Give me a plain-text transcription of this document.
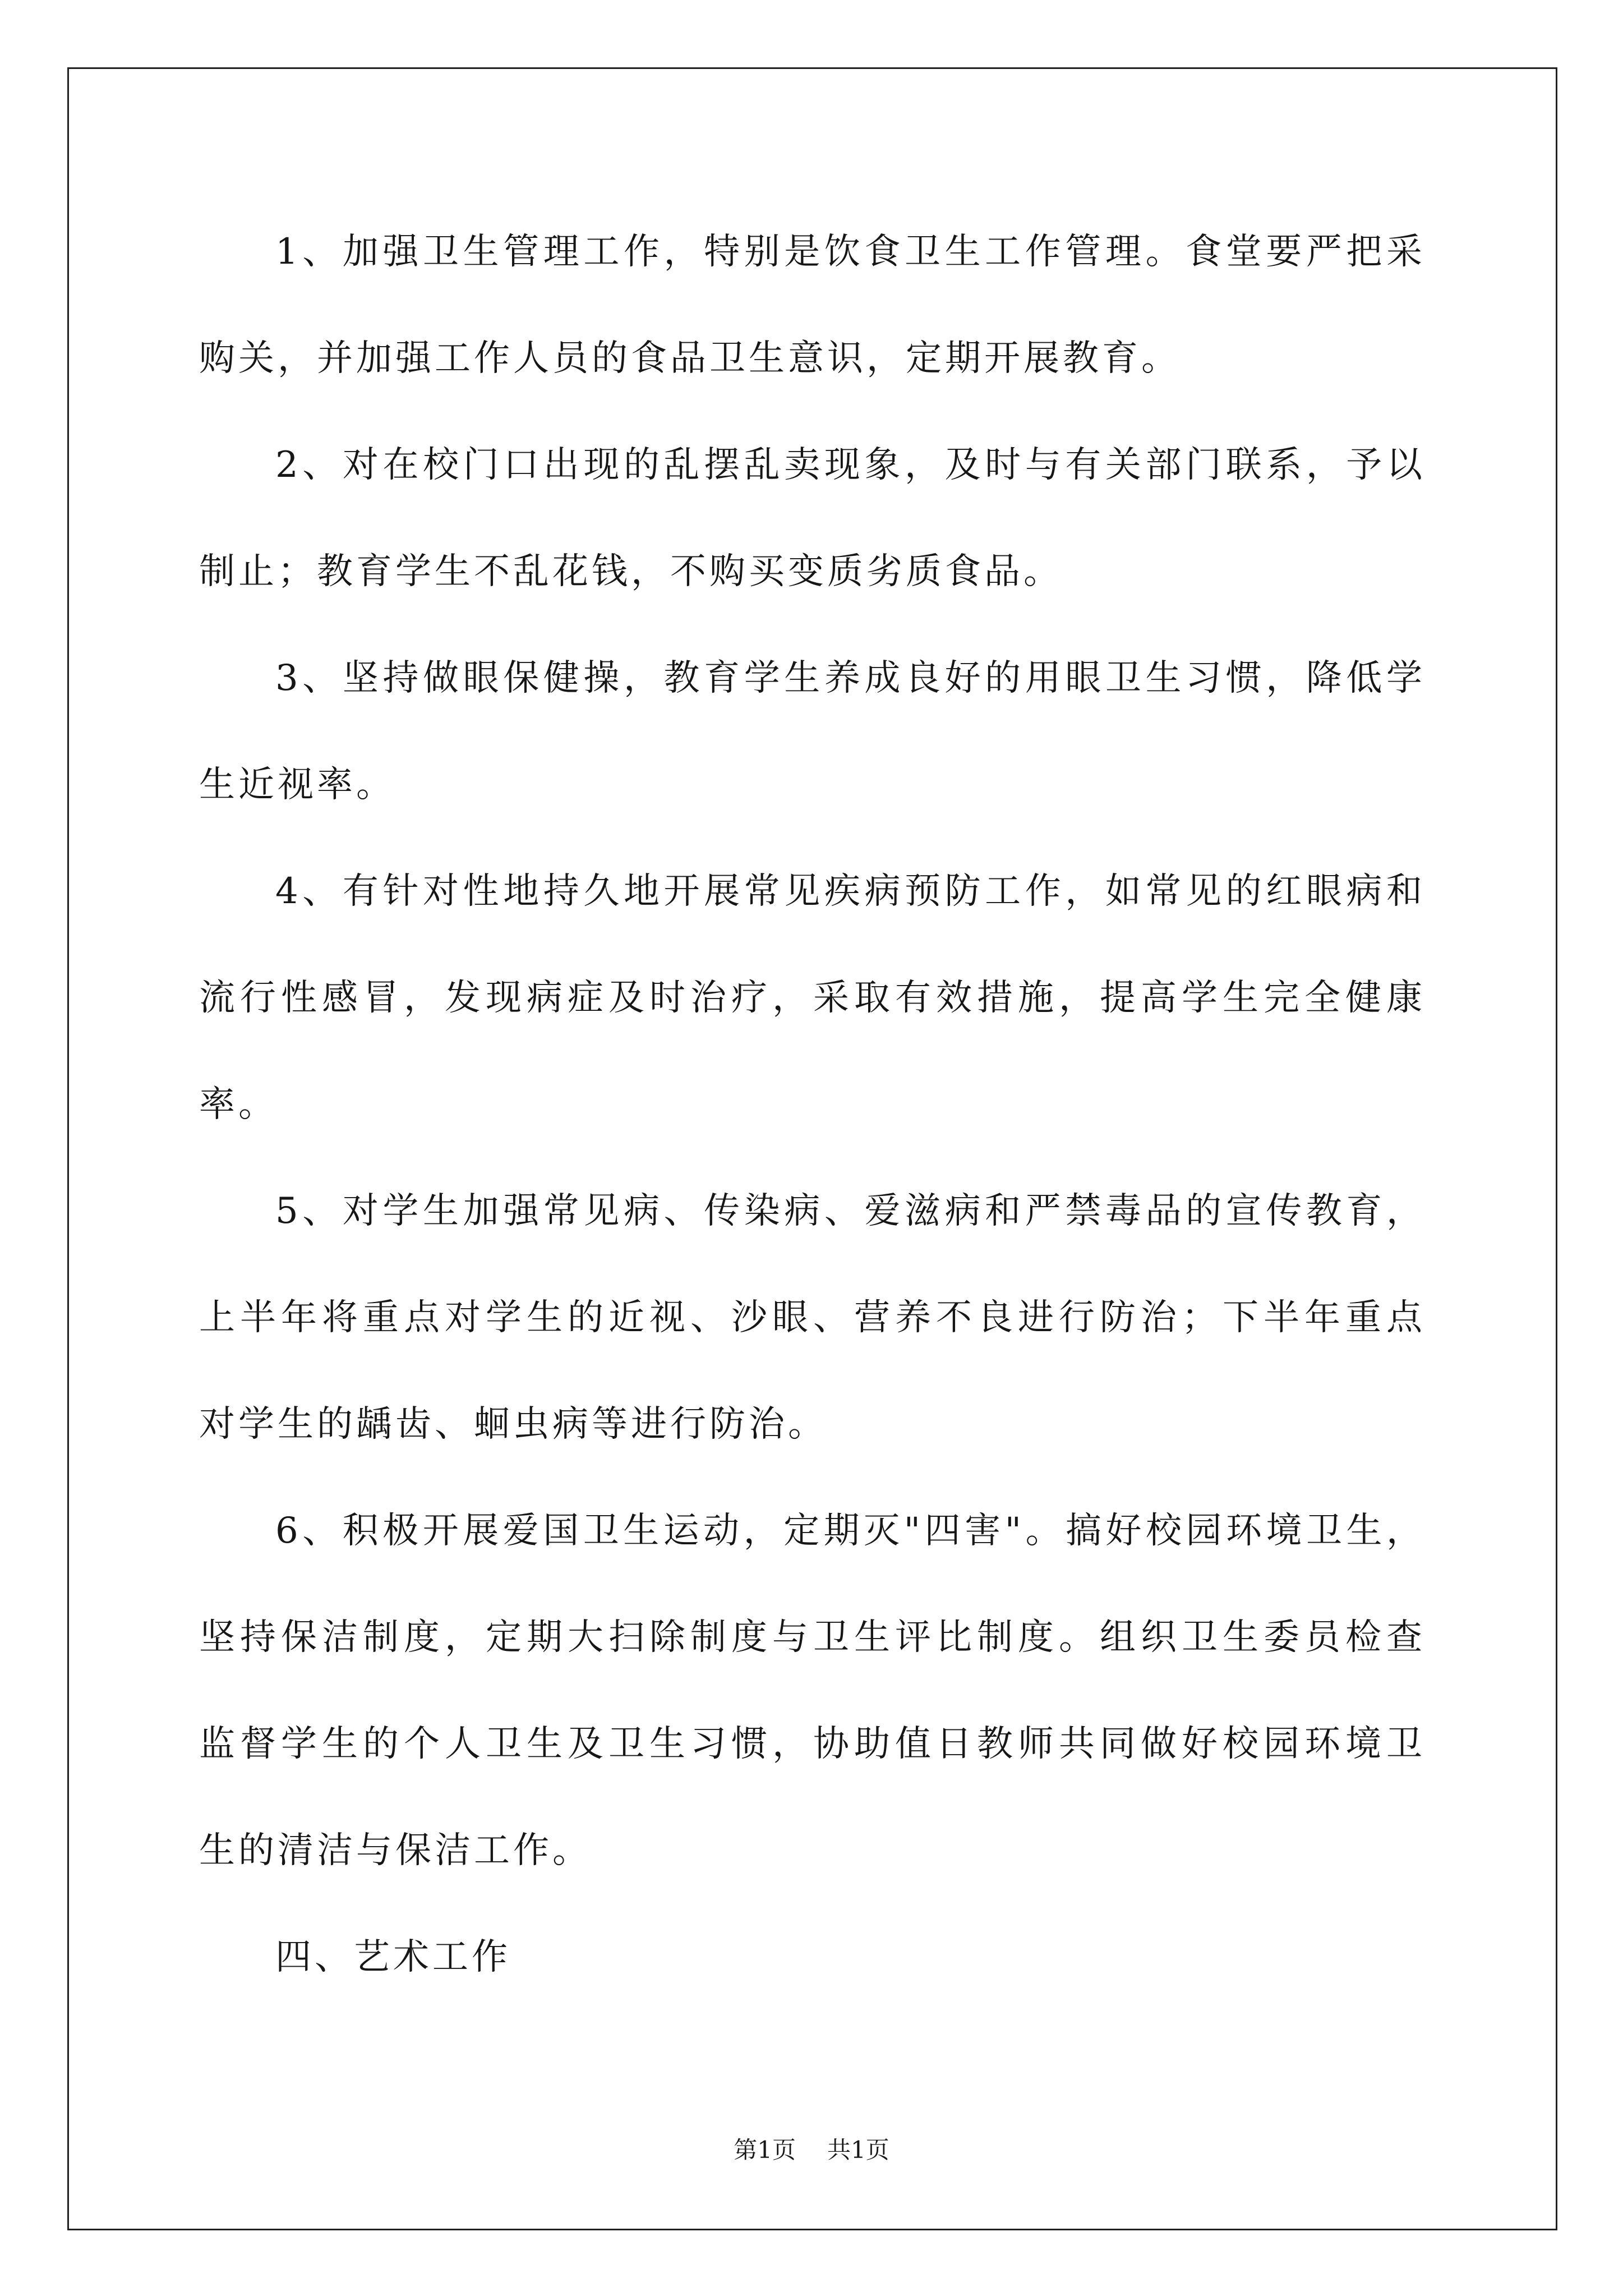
1、加强卫生管理工作，特别是饮食卫生工作管理。食堂要严把采
购关，并加强工作人员的食品卫生意识，定期开展教育。
2、对在校门口出现的乱摆乱卖现象，及时与有关部门联系，予以
制止；教育学生不乱花钱，不购买变质劣质食品。
3、坚持做眼保健操，教育学生养成良好的用眼卫生习惯，降低学
生近视率。
4、有针对性地持久地开展常见疾病预防工作，如常见的红眼病和
流行性感冒，发现病症及时治疗，采取有效措施，提高学生完全健康
率。
5、对学生加强常见病、传染病、爱滋病和严禁毒品的宣传教育，
上半年将重点对学生的近视、沙眼、营养不良进行防治；下半年重点
对学生的龋齿、蛔虫病等进行防治。
6、积极开展爱国卫生运动，定期灭"四害"。搞好校园环境卫生，
坚持保洁制度，定期大扫除制度与卫生评比制度。组织卫生委员检查
监督学生的个人卫生及卫生习惯，协助值日教师共同做好校园环境卫
生的清洁与保洁工作。
四、艺术工作
第1页 共1页
